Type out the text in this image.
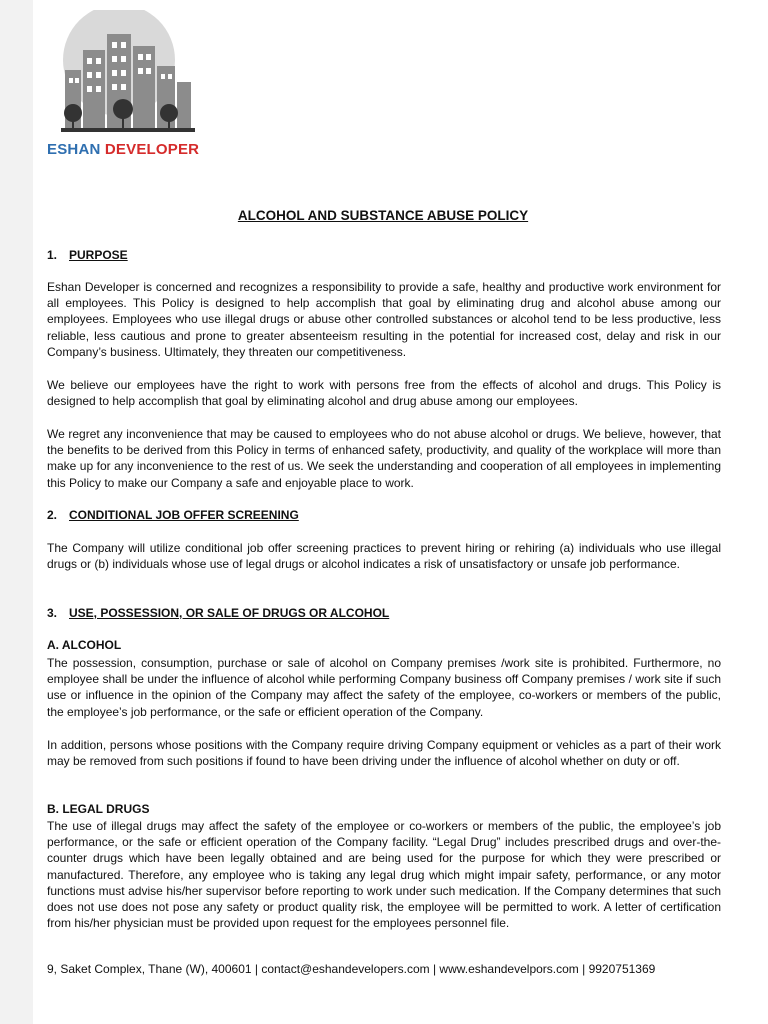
ESHAN DEVELOPER
ALCOHOL AND SUBSTANCE ABUSE POLICY
1. PURPOSE

Eshan Developer is concerned and recognizes a responsibility to provide a safe, healthy and productive work environment for all employees. This Policy is designed to help accomplish that goal by eliminating drug and alcohol abuse among our employees. Employees who use illegal drugs or abuse other controlled substances or alcohol tend to be less productive, less reliable, less cautious and prone to greater absenteeism resulting in the potential for increased cost, delay and risk in our Company’s business. Ultimately, they threaten our competitiveness.

We believe our employees have the right to work with persons free from the effects of alcohol and drugs. This Policy is designed to help accomplish that goal by eliminating alcohol and drug abuse among our employees.

We regret any inconvenience that may be caused to employees who do not abuse alcohol or drugs. We believe, however, that the benefits to be derived from this Policy in terms of enhanced safety, productivity, and quality of the workplace will more than make up for any inconvenience to the rest of us. We seek the understanding and cooperation of all employees in implementing this Policy to make our Company a safe and enjoyable place to work.

2. CONDITIONAL JOB OFFER SCREENING

The Company will utilize conditional job offer screening practices to prevent hiring or rehiring (a) individuals who use illegal drugs or (b) individuals whose use of legal drugs or alcohol indicates a risk of unsatisfactory or unsafe job performance.

3. USE, POSSESSION, OR SALE OF DRUGS OR ALCOHOL
A. ALCOHOL

The possession, consumption, purchase or sale of alcohol on Company premises /work site is prohibited. Furthermore, no employee shall be under the influence of alcohol while performing Company business off Company premises / work site if such use or influence in the opinion of the Company may affect the safety of the employee, co-workers or members of the public, the employee’s job performance, or the safe or efficient operation of the Company.

In addition, persons whose positions with the Company require driving Company equipment or vehicles as a part of their work may be removed from such positions if found to have been driving under the influence of alcohol whether on duty or off.

B. LEGAL DRUGS

The use of illegal drugs may affect the safety of the employee or co-workers or members of the public, the employee’s job performance, or the safe or efficient operation of the Company facility. “Legal Drug” includes prescribed drugs and over-the-counter drugs which have been legally obtained and are being used for the purpose for which they were prescribed or manufactured. Therefore, any employee who is taking any legal drug which might impair safety, performance, or any motor functions must advise his/her supervisor before reporting to work under such medication. If the Company determines that such does not use does not pose any safety or product quality risk, the employee will be permitted to work. A letter of certification from his/her physician must be provided upon request for the employees personnel file.

9, Saket Complex, Thane (W), 400601 | contact@eshandevelopers.com | www.eshandevelpors.com | 9920751369
